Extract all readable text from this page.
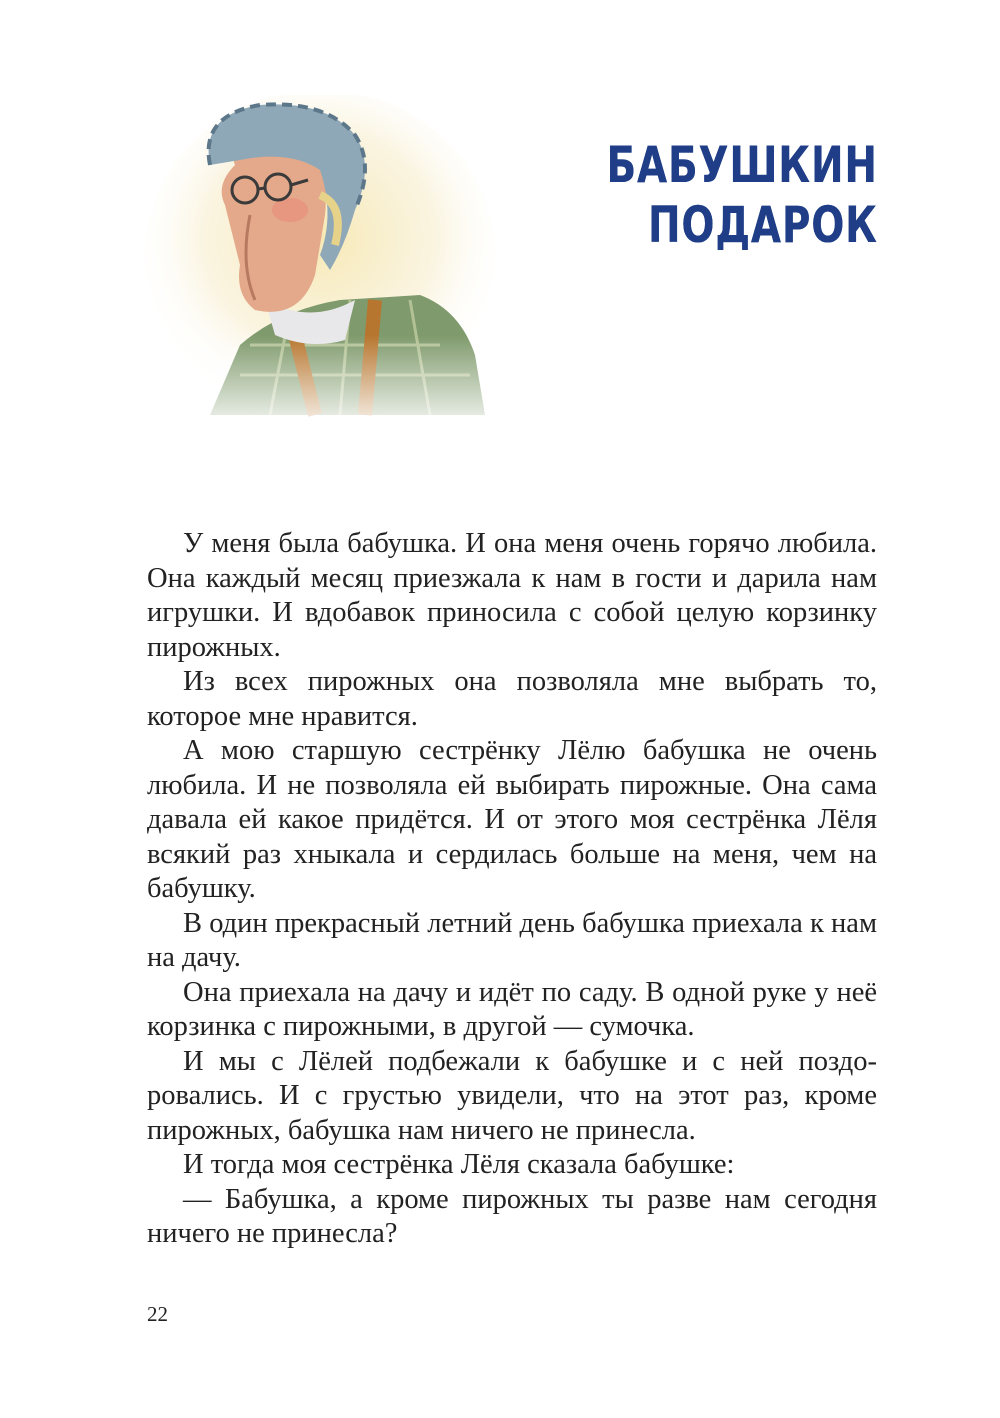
БАБУШКИН
ПОДАРОК

У меня была бабушка. И она меня очень горячо любила. Она каждый месяц приезжала к нам в гости и дарила нам игрушки. И вдобавок приносила с собой целую корзинку пирожных.

Из всех пирожных она позволяла мне выбрать то, которое мне нравится.

А мою старшую сестрёнку Лёлю бабушка не очень любила. И не позволяла ей выбирать пирожные. Она сама давала ей какое придётся. И от этого моя сестрёнка Лёля всякий раз хныкала и сердилась больше на меня, чем на бабушку.

В один прекрасный летний день бабушка приехала к нам на дачу.

Она приехала на дачу и идёт по саду. В одной руке у неё корзинка с пирожными, в другой — сумочка.

И мы с Лёлей подбежали к бабушке и с ней поздоровались. И с грустью увидели, что на этот раз, кроме пирожных, бабушка нам ничего не принесла.

И тогда моя сестрёнка Лёля сказала бабушке:

— Бабушка, а кроме пирожных ты разве нам сегодня ничего не принесла?

22
